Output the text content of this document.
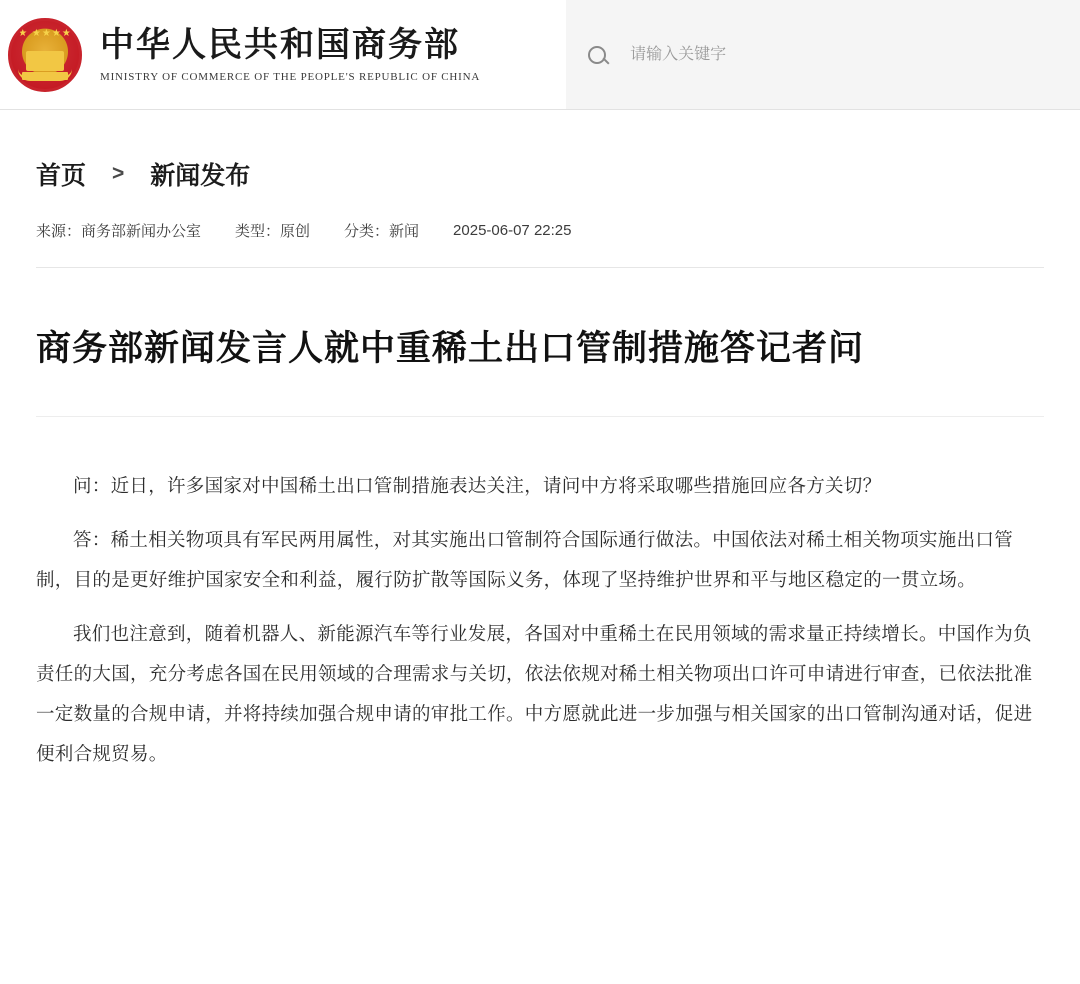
★ ★★★★ 中华人民共和国商务部
MINISTRY OF COMMERCE OF THE PEOPLE'S REPUBLIC OF CHINA
请输入关键字
首页 > 新闻发布
来源：商务部新闻办公室 类型：原创 分类：新闻 2025-06-07 22:25
商务部新闻发言人就中重稀土出口管制措施答记者问

问：近日，许多国家对中国稀土出口管制措施表达关注，请问中方将采取哪些措施回应各方关切？

答：稀土相关物项具有军民两用属性，对其实施出口管制符合国际通行做法。中国依法对稀土相关物项实施出口管制，目的是更好维护国家安全和利益，履行防扩散等国际义务，体现了坚持维护世界和平与地区稳定的一贯立场。

我们也注意到，随着机器人、新能源汽车等行业发展，各国对中重稀土在民用领域的需求量正持续增长。中国作为负责任的大国，充分考虑各国在民用领域的合理需求与关切，依法依规对稀土相关物项出口许可申请进行审查，已依法批准一定数量的合规申请，并将持续加强合规申请的审批工作。中方愿就此进一步加强与相关国家的出口管制沟通对话，促进便利合规贸易。
